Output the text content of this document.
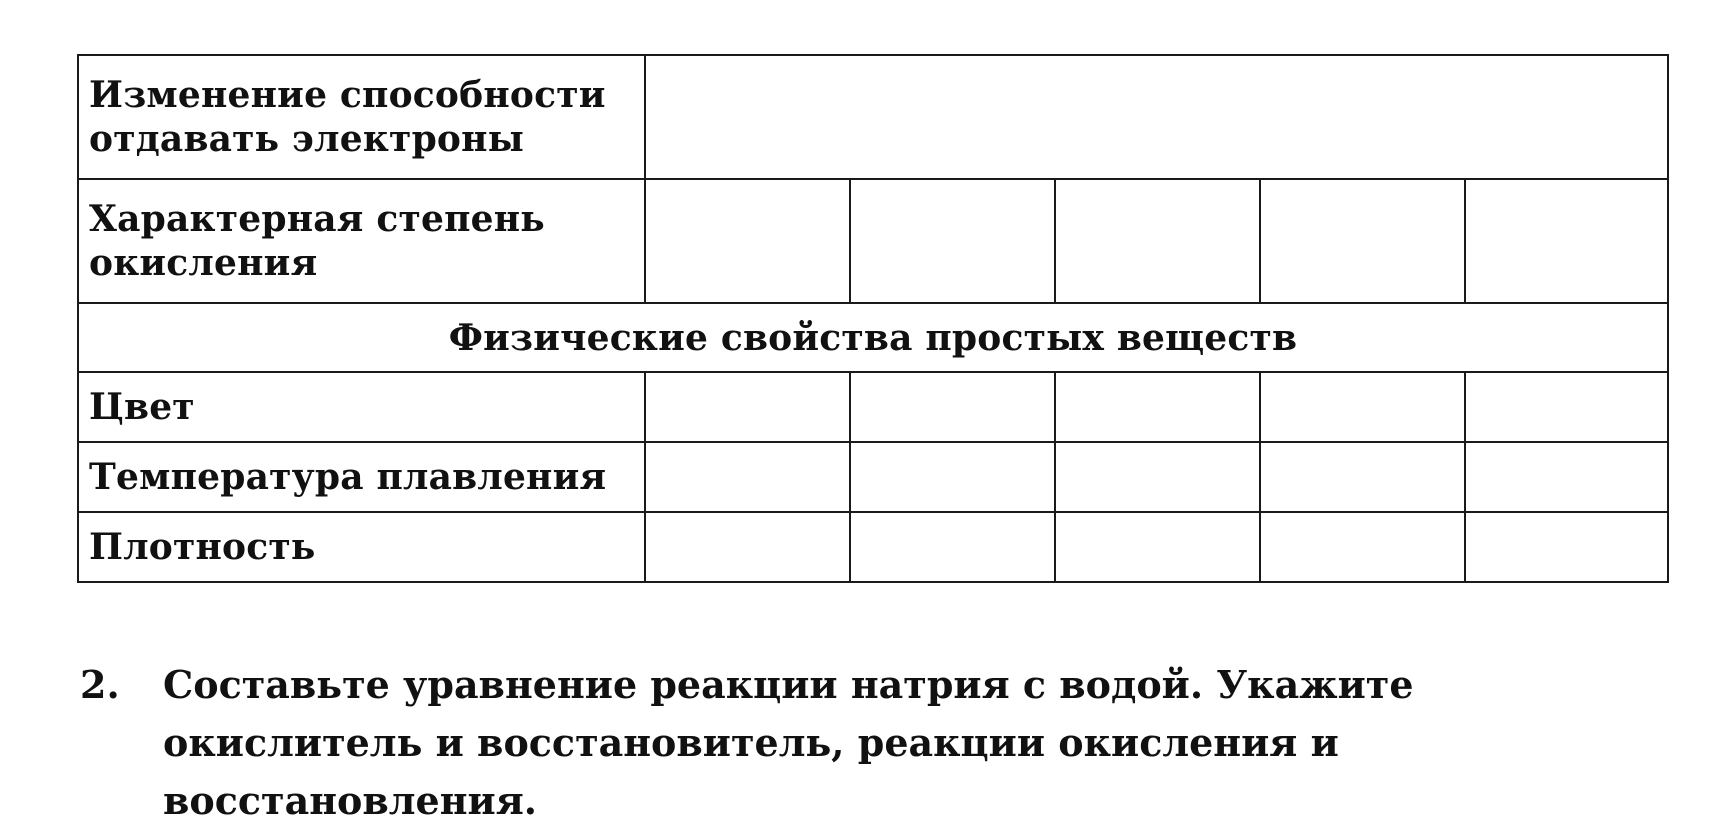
Изменение способности отдавать электроны					
Характерная степень окисления					
Физические свойства простых веществ					
Цвет					
Температура плавления					
Плотность					
2.	Составьте уравнение реакции натрия с водой. Укажите окислитель и восстановитель, реакции окисления и восстановления.
